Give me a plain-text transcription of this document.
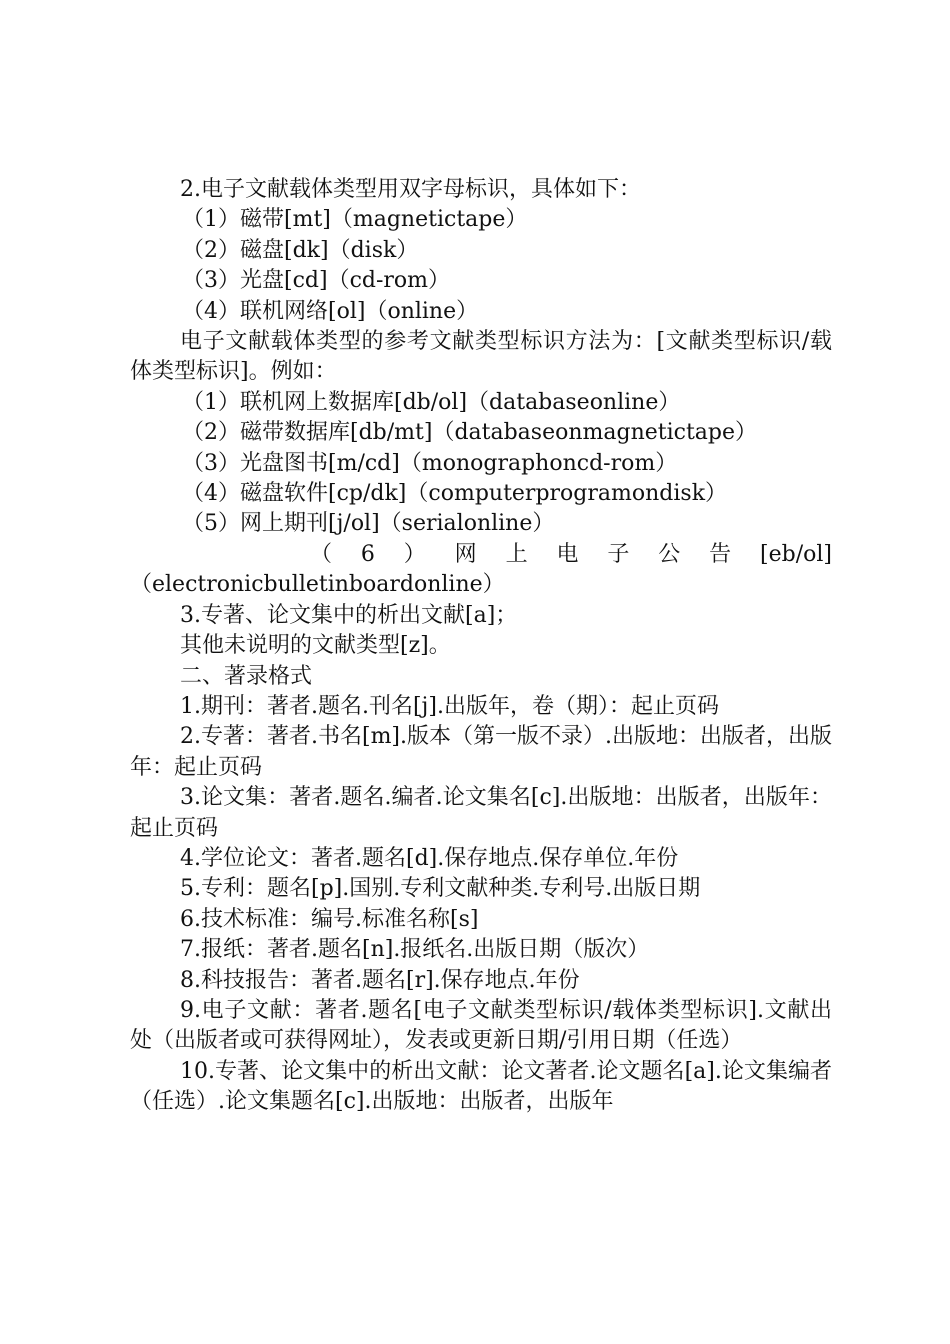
2.电子文献载体类型用双字母标识，具体如下：

（1）磁带[mt]（magnetictape）

（2）磁盘[dk]（disk）

（3）光盘[cd]（cd-rom）

（4）联机网络[ol]（online）

电子文献载体类型的参考文献类型标识方法为：[文献类型标识/载体类型标识]。例如：

（1）联机网上数据库[db/ol]（databaseonline）

（2）磁带数据库[db/mt]（databaseonmagnetictape）

（3）光盘图书[m/cd]（monographoncd-rom）

（4）磁盘软件[cp/dk]（computerprogramondisk）

（5）网上期刊[j/ol]（serialonline）

（6）网上电子公告[eb/ol]

（electronicbulletinboardonline）

3.专著、论文集中的析出文献[a]；

其他未说明的文献类型[z]。

二、著录格式

1.期刊：著者.题名.刊名[j].出版年，卷（期）：起止页码

2.专著：著者.书名[m].版本（第一版不录）.出版地：出版者，出版年：起止页码

3.论文集：著者.题名.编者.论文集名[c].出版地：出版者，出版年：起止页码

4.学位论文：著者.题名[d].保存地点.保存单位.年份

5.专利：题名[p].国别.专利文献种类.专利号.出版日期

6.技术标准：编号.标准名称[s]

7.报纸：著者.题名[n].报纸名.出版日期（版次）

8.科技报告：著者.题名[r].保存地点.年份

9.电子文献：著者.题名[电子文献类型标识/载体类型标识].文献出处（出版者或可获得网址），发表或更新日期/引用日期（任选）

10.专著、论文集中的析出文献：论文著者.论文题名[a].论文集编者（任选）.论文集题名[c].出版地：出版者，出版年
